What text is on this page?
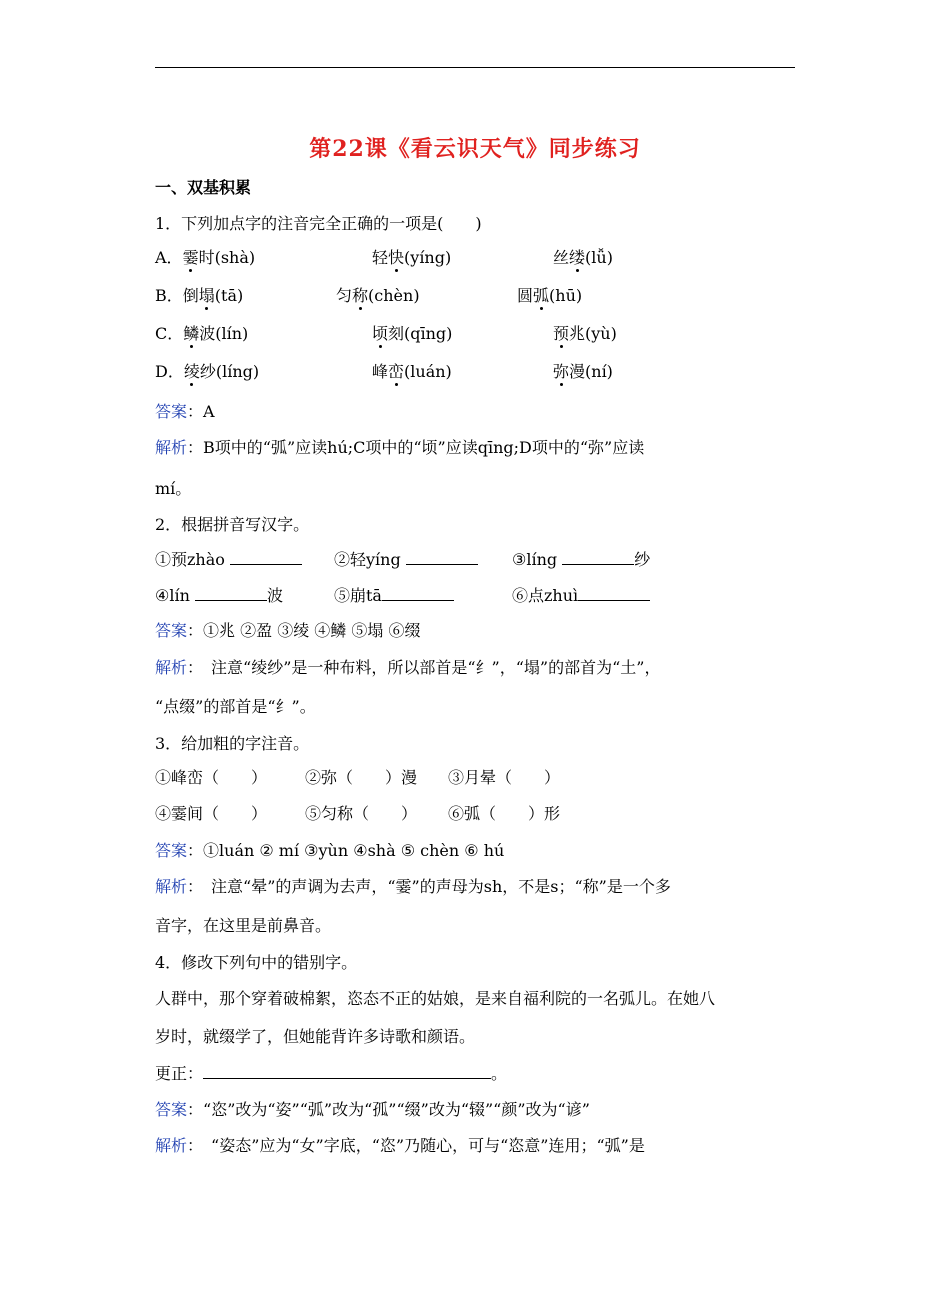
第22课《看云识天气》同步练习
一、双基积累
1．下列加点字的注音完全正确的一项是(　　)
A．霎时(shà)	轻快(yíng)	丝缕(lǚ)
B．倒塌(tā)	匀称(chèn)	圆弧(hū)
C．鳞波(lín)	顷刻(qīng)	预兆(yù)
D．绫纱(líng)	峰峦(luán)	弥漫(ní)
答案：A
解析：B项中的“弧”应读hú;C项中的“顷”应读qīng;D项中的“弥”应读
mí。
2．根据拼音写汉字。
①预zhào	②轻yíng	③líng	纱
④lín	波	⑤崩tā	⑥点zhuì
答案：①兆 ②盈 ③绫 ④鳞 ⑤塌 ⑥缀
解析：　注意“绫纱”是一种布料，所以部首是“纟”，“塌”的部首为“土”，
“点缀”的部首是“纟”。
3．给加粗的字注音。
①峰峦（　　） ②弥（　　）漫 ③月晕（　　）
④霎间（　　） ⑤匀称（　　） ⑥弧（　　）形
答案：①luán ② mí ③yùn ④shà ⑤ chèn ⑥ hú
解析：　注意“晕”的声调为去声，“霎”的声母为sh，不是s；“称”是一个多
音字，在这里是前鼻音。
4．修改下列句中的错别字。
人群中，那个穿着破棉絮，恣态不正的姑娘，是来自福利院的一名弧儿。在她八
岁时，就缀学了，但她能背许多诗歌和颜语。
更正：	。
答案：“恣”改为“姿”“弧”改为“孤”“缀”改为“辍”“颜”改为“谚”
解析：　“姿态”应为“女”字底，“恣”乃随心，可与“恣意”连用；“弧”是
